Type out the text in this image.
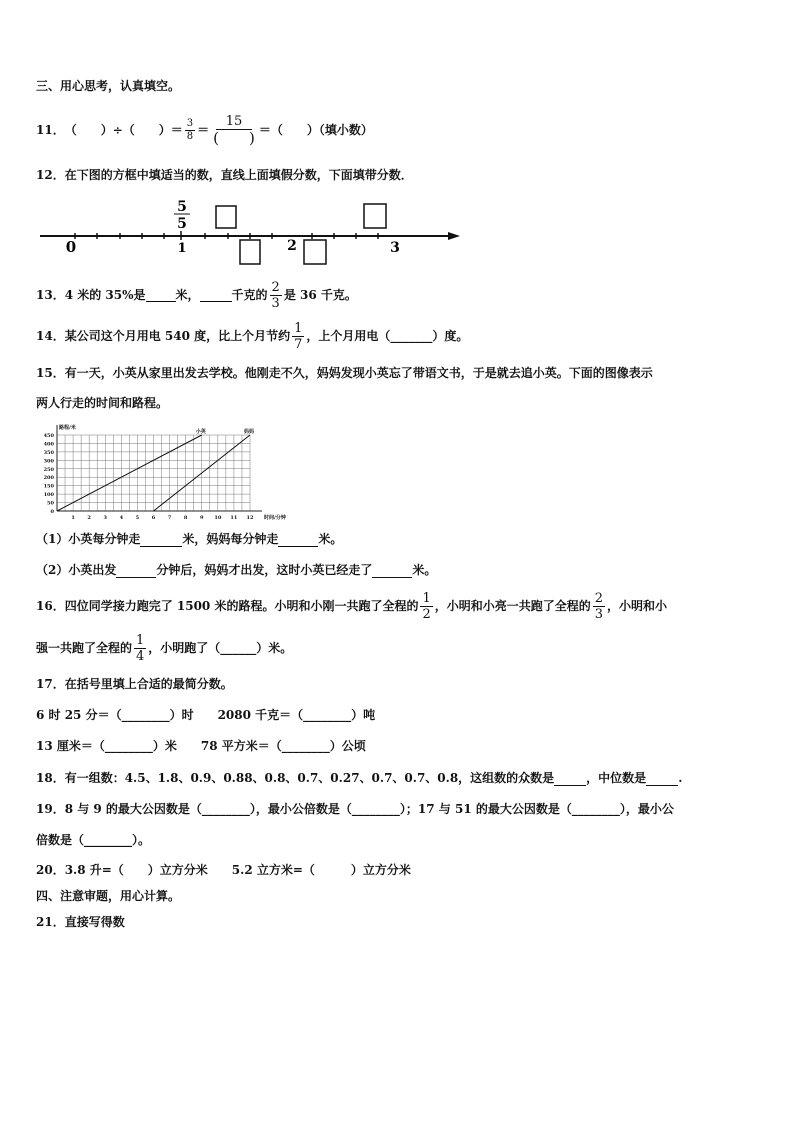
三、用心思考，认真填空。
11． （　　）÷（　　） ＝ $\frac{3}{8} = \frac{15}{( )}$ ＝（　　）（填小数）
12．在下图的方框中填适当的数，直线上面填假分数，下面填带分数．
0	1	2	3
5
5
13．4 米的 35%是	米，	千克的 $\frac{2}{3}$ 是 36 千克。
14．某公司这个月用电 540 度，比上个月节约 $\frac{1}{7}$ ，上个月用电（_______）度。
15．有一天，小英从家里出发去学校。他刚走不久，妈妈发现小英忘了带语文书，于是就去追小英。下面的图像表示
两人行走的时间和路程。
0
50
100
150
200
250
300
350
400
450
1	2	3	4	5	6	7	8	9 10 11 12
路程/米
时间/分钟
小英	妈妈
（1）小英每分钟走	米，妈妈每分钟走	米。
（2）小英出发	分钟后，妈妈才出发，这时小英已经走了	米。
16．四位同学接力跑完了 1500 米的路程。小明和小刚一共跑了全程的 $\frac{1}{2}$ ，小明和小亮一共跑了全程的 $\frac{2}{3}$ ，小明和小
强一共跑了全程的 $\frac{1}{4}$ ，小明跑了（______）米。
17．在括号里填上合适的最简分数。
6 时 25 分＝（________）时　　2080 千克＝（________）吨
13 厘米＝（________）米　　78 平方米＝（________）公顷
18．有一组数：4.5、1.8、0.9、0.88、0.8、0.7、0.27、0.7、0.7、0.8，这组数的众数是	，中位数是	.
19．8 与 9 的最大公因数是（________），最小公倍数是（________）；17 与 51 的最大公因数是（________），最小公
倍数是（________）。
20．3.8 升=（　　）立方分米　　5.2 立方米=（　　　）立方分米
四、注意审题，用心计算。
21．直接写得数
